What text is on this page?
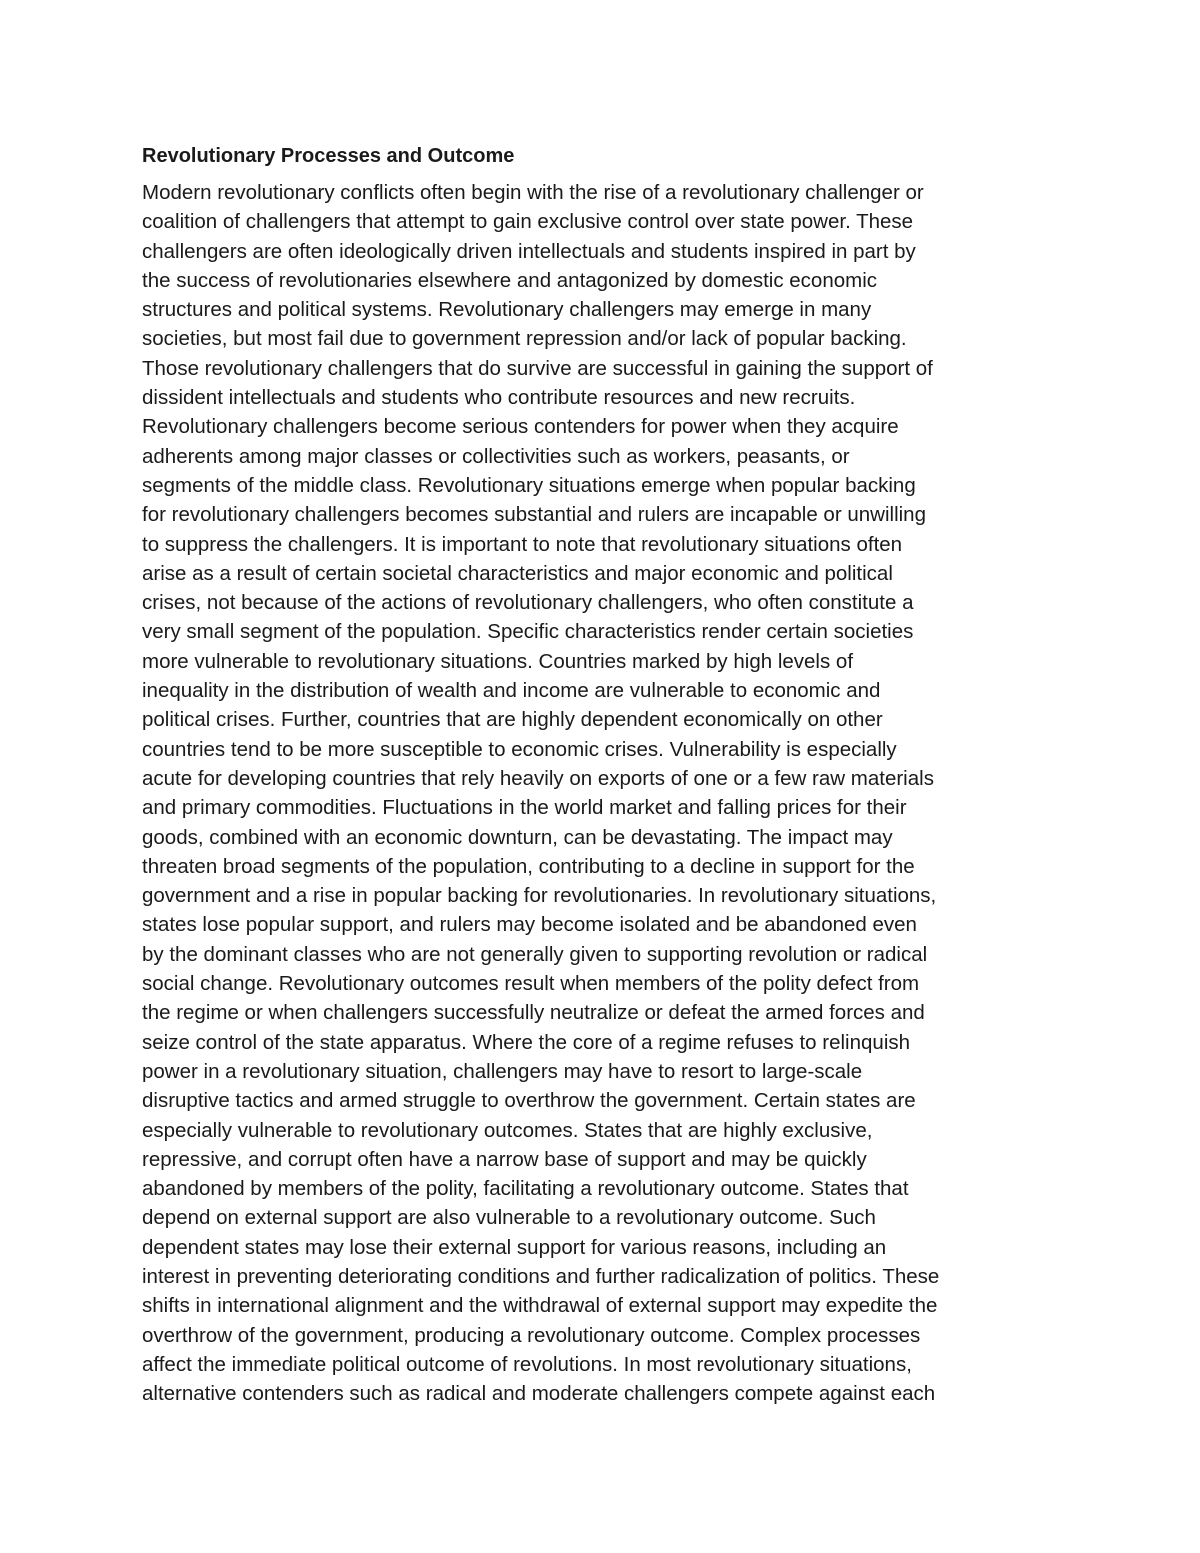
Revolutionary Processes and Outcome
Modern revolutionary conflicts often begin with the rise of a revolutionary challenger or
coalition of challengers that attempt to gain exclusive control over state power. These
challengers are often ideologically driven intellectuals and students inspired in part by
the success of revolutionaries elsewhere and antagonized by domestic economic
structures and political systems. Revolutionary challengers may emerge in many
societies, but most fail due to government repression and/or lack of popular backing.
Those revolutionary challengers that do survive are successful in gaining the support of
dissident intellectuals and students who contribute resources and new recruits.
Revolutionary challengers become serious contenders for power when they acquire
adherents among major classes or collectivities such as workers, peasants, or
segments of the middle class. Revolutionary situations emerge when popular backing
for revolutionary challengers becomes substantial and rulers are incapable or unwilling
to suppress the challengers. It is important to note that revolutionary situations often
arise as a result of certain societal characteristics and major economic and political
crises, not because of the actions of revolutionary challengers, who often constitute a
very small segment of the population. Specific characteristics render certain societies
more vulnerable to revolutionary situations. Countries marked by high levels of
inequality in the distribution of wealth and income are vulnerable to economic and
political crises. Further, countries that are highly dependent economically on other
countries tend to be more susceptible to economic crises. Vulnerability is especially
acute for developing countries that rely heavily on exports of one or a few raw materials
and primary commodities. Fluctuations in the world market and falling prices for their
goods, combined with an economic downturn, can be devastating. The impact may
threaten broad segments of the population, contributing to a decline in support for the
government and a rise in popular backing for revolutionaries. In revolutionary situations,
states lose popular support, and rulers may become isolated and be abandoned even
by the dominant classes who are not generally given to supporting revolution or radical
social change. Revolutionary outcomes result when members of the polity defect from
the regime or when challengers successfully neutralize or defeat the armed forces and
seize control of the state apparatus. Where the core of a regime refuses to relinquish
power in a revolutionary situation, challengers may have to resort to large-scale
disruptive tactics and armed struggle to overthrow the government. Certain states are
especially vulnerable to revolutionary outcomes. States that are highly exclusive,
repressive, and corrupt often have a narrow base of support and may be quickly
abandoned by members of the polity, facilitating a revolutionary outcome. States that
depend on external support are also vulnerable to a revolutionary outcome. Such
dependent states may lose their external support for various reasons, including an
interest in preventing deteriorating conditions and further radicalization of politics. These
shifts in international alignment and the withdrawal of external support may expedite the
overthrow of the government, producing a revolutionary outcome. Complex processes
affect the immediate political outcome of revolutions. In most revolutionary situations,
alternative contenders such as radical and moderate challengers compete against each
